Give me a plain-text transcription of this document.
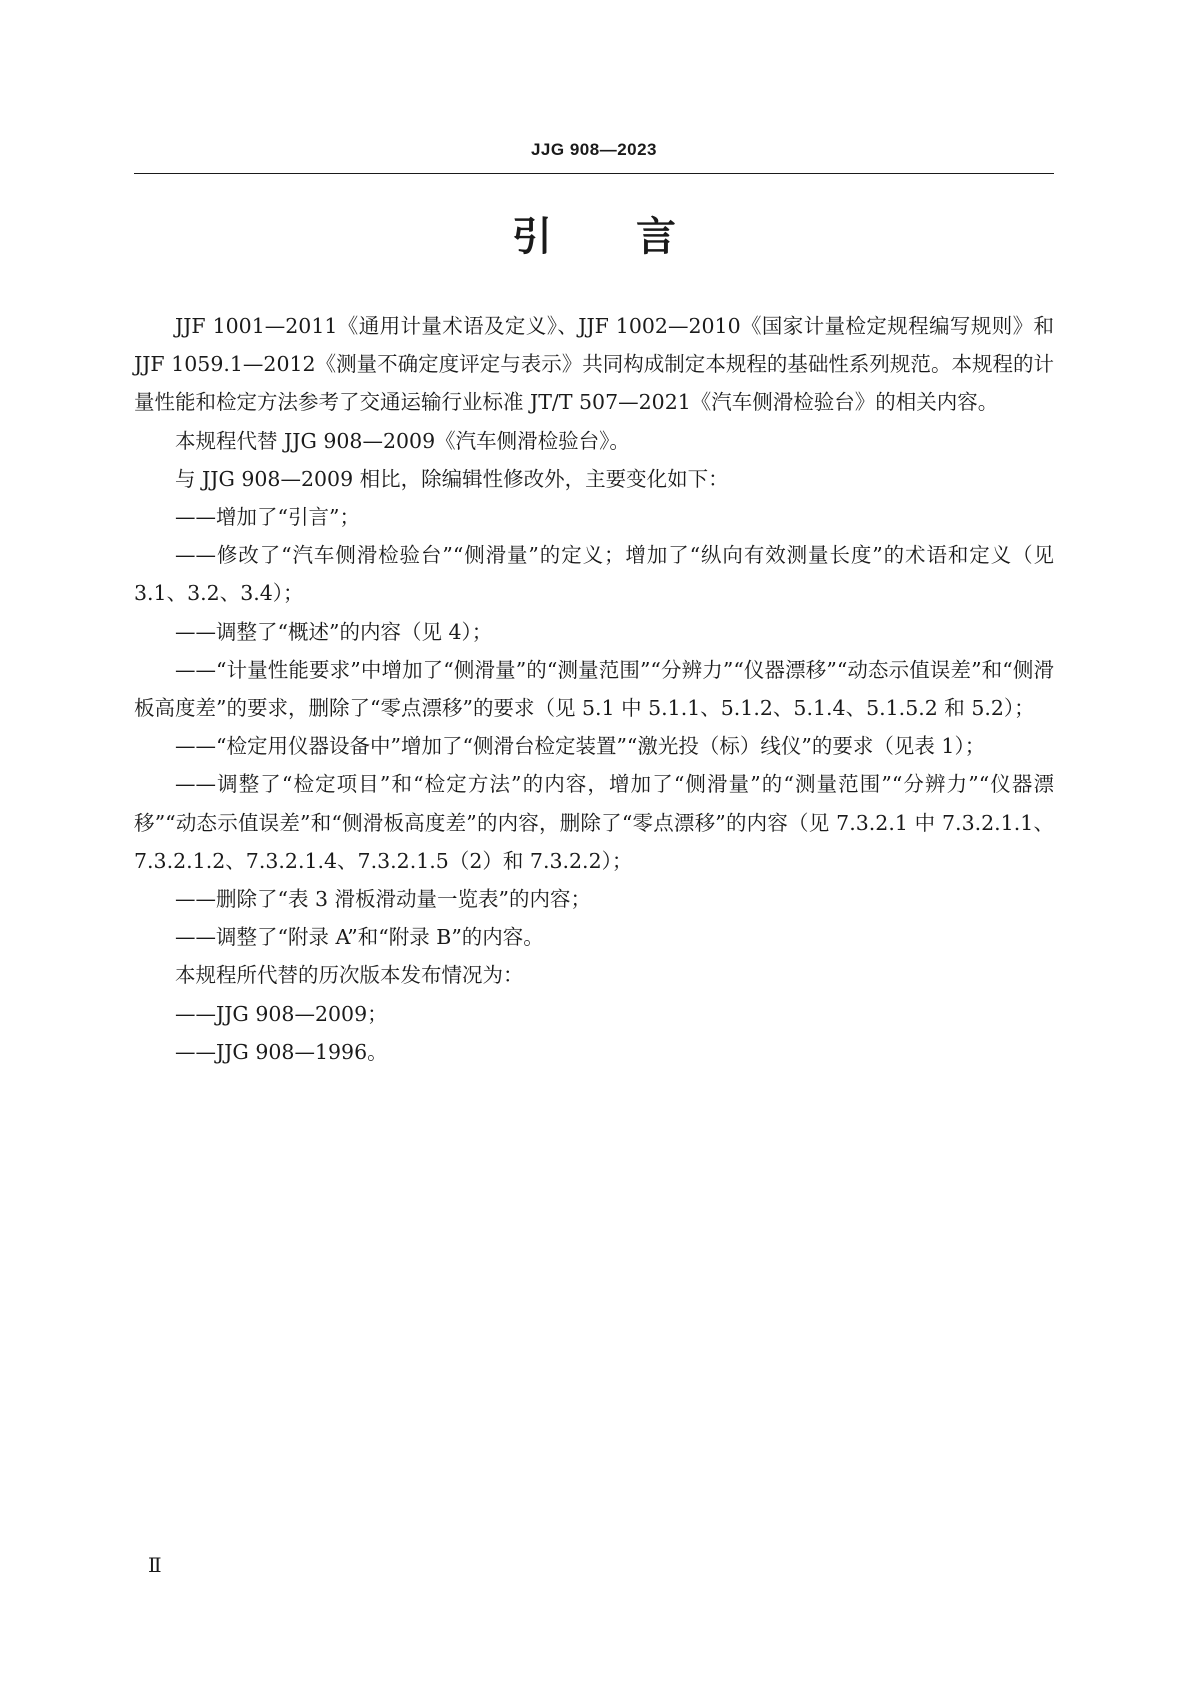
JJG 908—2023
引 言

JJF 1001—2011《通用计量术语及定义》、JJF 1002—2010《国家计量检定规程编写规则》和 JJF 1059.1—2012《测量不确定度评定与表示》共同构成制定本规程的基础性系列规范。本规程的计量性能和检定方法参考了交通运输行业标准 JT/T 507—2021《汽车侧滑检验台》的相关内容。

本规程代替 JJG 908—2009《汽车侧滑检验台》。

与 JJG 908—2009 相比，除编辑性修改外，主要变化如下：

——增加了“引言”；

——修改了“汽车侧滑检验台”“侧滑量”的定义；增加了“纵向有效测量长度”的术语和定义（见 3.1、3.2、3.4）；

——调整了“概述”的内容（见 4）；

——“计量性能要求”中增加了“侧滑量”的“测量范围”“分辨力”“仪器漂移”“动态示值误差”和“侧滑板高度差”的要求，删除了“零点漂移”的要求（见 5.1 中 5.1.1、5.1.2、5.1.4、5.1.5.2 和 5.2）；

——“检定用仪器设备中”增加了“侧滑台检定装置”“激光投（标）线仪”的要求（见表 1）；

——调整了“检定项目”和“检定方法”的内容，增加了“侧滑量”的“测量范围”“分辨力”“仪器漂移”“动态示值误差”和“侧滑板高度差”的内容，删除了“零点漂移”的内容（见 7.3.2.1 中 7.3.2.1.1、7.3.2.1.2、7.3.2.1.4、7.3.2.1.5（2）和 7.3.2.2）；

——删除了“表 3 滑板滑动量一览表”的内容；

——调整了“附录 A”和“附录 B”的内容。

本规程所代替的历次版本发布情况为：

——JJG 908—2009；

——JJG 908—1996。

Ⅱ
